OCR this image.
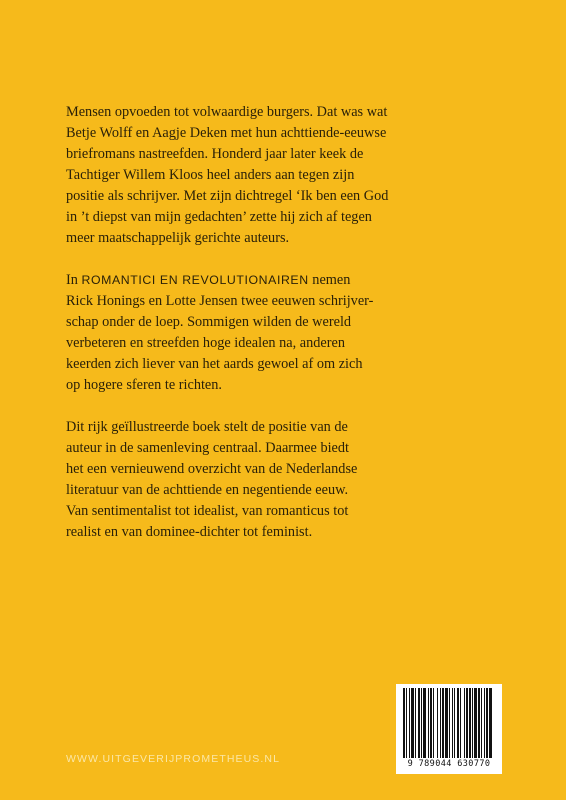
Mensen opvoeden tot volwaardige burgers. Dat was wat
Betje Wolff en Aagje Deken met hun achttiende-eeuwse
briefromans nastreefden. Honderd jaar later keek de
Tachtiger Willem Kloos heel anders aan tegen zijn
positie als schrijver. Met zijn dichtregel ‘Ik ben een God
in ’t diepst van mijn gedachten’ zette hij zich af tegen
meer maatschappelijk gerichte auteurs.

In ROMANTICI EN REVOLUTIONAIREN nemen
Rick Honings en Lotte Jensen twee eeuwen schrijver-
schap onder de loep. Sommigen wilden de wereld
verbeteren en streefden hoge idealen na, anderen
keerden zich liever van het aards gewoel af om zich
op hogere sferen te richten.

Dit rijk geïllustreerde boek stelt de positie van de
auteur in de samenleving centraal. Daarmee biedt
het een vernieuwend overzicht van de Nederlandse
literatuur van de achttiende en negentiende eeuw.
Van sentimentalist tot idealist, van romanticus tot
realist en van dominee-dichter tot feminist.

WWW.UITGEVERIJPROMETHEUS.NL	9 789044 630770
